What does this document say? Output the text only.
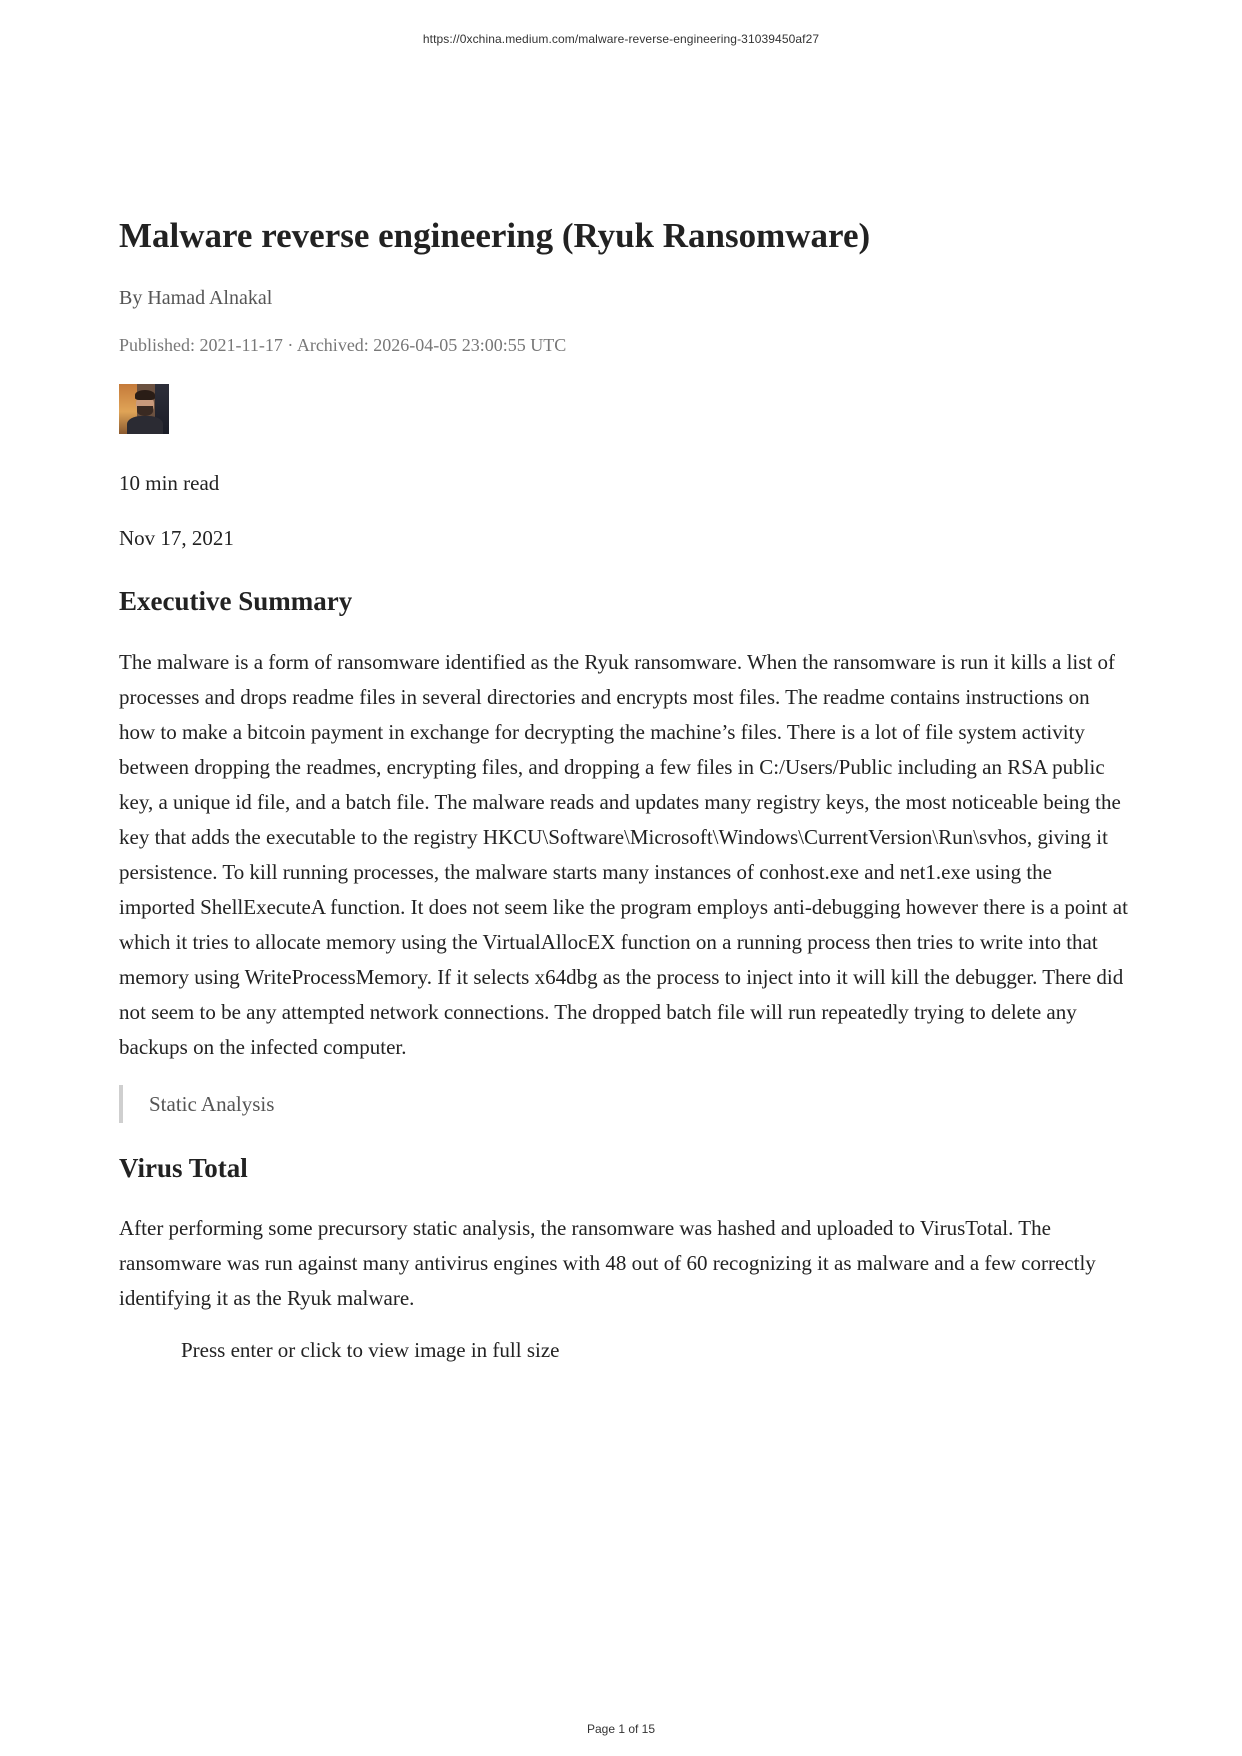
https://0xchina.medium.com/malware-reverse-engineering-31039450af27
Malware reverse engineering (Ryuk Ransomware)
By Hamad Alnakal
Published: 2021-11-17 · Archived: 2026-04-05 23:00:55 UTC
10 min read
Nov 17, 2021
Executive Summary

The malware is a form of ransomware identified as the Ryuk ransomware. When the ransomware is run it kills a list of processes and drops readme files in several directories and encrypts most files. The readme contains instructions on how to make a bitcoin payment in exchange for decrypting the machine’s files. There is a lot of file system activity between dropping the readmes, encrypting files, and dropping a few files in C:/Users/Public including an RSA public key, a unique id file, and a batch file. The malware reads and updates many registry keys, the most noticeable being the key that adds the executable to the registry HKCU\Software\Microsoft\Windows\CurrentVersion\Run\svhos, giving it persistence. To kill running processes, the malware starts many instances of conhost.exe and net1.exe using the imported ShellExecuteA function. It does not seem like the program employs anti-debugging however there is a point at which it tries to allocate memory using the VirtualAllocEX function on a running process then tries to write into that memory using WriteProcessMemory. If it selects x64dbg as the process to inject into it will kill the debugger. There did not seem to be any attempted network connections. The dropped batch file will run repeatedly trying to delete any backups on the infected computer.

Static Analysis
Virus Total

After performing some precursory static analysis, the ransomware was hashed and uploaded to VirusTotal. The ransomware was run against many antivirus engines with 48 out of 60 recognizing it as malware and a few correctly identifying it as the Ryuk malware.

Press enter or click to view image in full size
Page 1 of 15
